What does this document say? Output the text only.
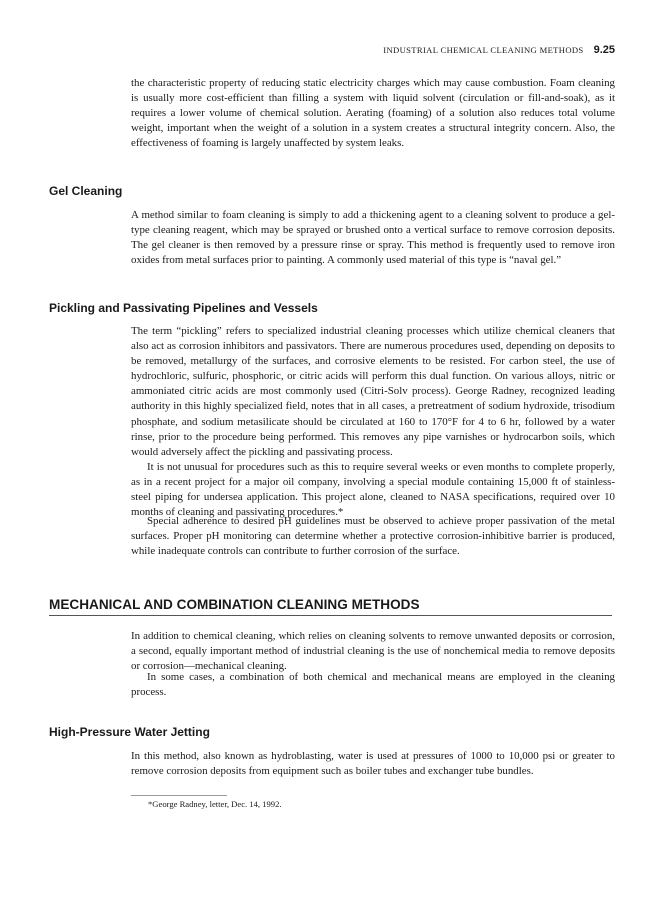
INDUSTRIAL CHEMICAL CLEANING METHODS 9.25

the characteristic property of reducing static electricity charges which may cause combustion. Foam cleaning is usually more cost-efficient than filling a system with liquid solvent (circulation or fill-and-soak), as it requires a lower volume of chemical solution. Aerating (foaming) of a solution also reduces total volume weight, important when the weight of a solution in a system creates a structural integrity concern. Also, the effectiveness of foaming is largely unaffected by system leaks.

Gel Cleaning

A method similar to foam cleaning is simply to add a thickening agent to a cleaning solvent to produce a gel-type cleaning reagent, which may be sprayed or brushed onto a vertical surface to remove corrosion deposits. The gel cleaner is then removed by a pressure rinse or spray. This method is frequently used to remove iron oxides from metal surfaces prior to painting. A commonly used material of this type is “naval gel.”

Pickling and Passivating Pipelines and Vessels

The term “pickling” refers to specialized industrial cleaning processes which utilize chemical cleaners that also act as corrosion inhibitors and passivators. There are numerous procedures used, depending on deposits to be removed, metallurgy of the surfaces, and corrosive elements to be resisted. For carbon steel, the use of hydrochloric, sulfuric, phosphoric, or citric acids will perform this dual function. On various alloys, nitric or ammoniated citric acids are most commonly used (Citri-Solv process). George Radney, recognized leading authority in this highly specialized field, notes that in all cases, a pretreatment of sodium hydroxide, trisodium phosphate, and sodium metasilicate should be circulated at 160 to 170°F for 4 to 6 hr, followed by a water rinse, prior to the procedure being performed. This removes any pipe varnishes or hydrocarbon soils, which would adversely affect the pickling and passivating process.

It is not unusual for procedures such as this to require several weeks or even months to complete properly, as in a recent project for a major oil company, involving a special module containing 15,000 ft of stainless-steel piping for undersea application. This project alone, cleaned to NASA specifications, required over 10 months of cleaning and passivating procedures.*

Special adherence to desired pH guidelines must be observed to achieve proper passivation of the metal surfaces. Proper pH monitoring can determine whether a protective corrosion-inhibitive barrier is produced, while inadequate controls can contribute to further corrosion of the surface.

MECHANICAL AND COMBINATION CLEANING METHODS

In addition to chemical cleaning, which relies on cleaning solvents to remove unwanted deposits or corrosion, a second, equally important method of industrial cleaning is the use of nonchemical media to remove deposits or corrosion—mechanical cleaning.

In some cases, a combination of both chemical and mechanical means are employed in the cleaning process.

High-Pressure Water Jetting

In this method, also known as hydroblasting, water is used at pressures of 1000 to 10,000 psi or greater to remove corrosion deposits from equipment such as boiler tubes and exchanger tube bundles.

*George Radney, letter, Dec. 14, 1992.
